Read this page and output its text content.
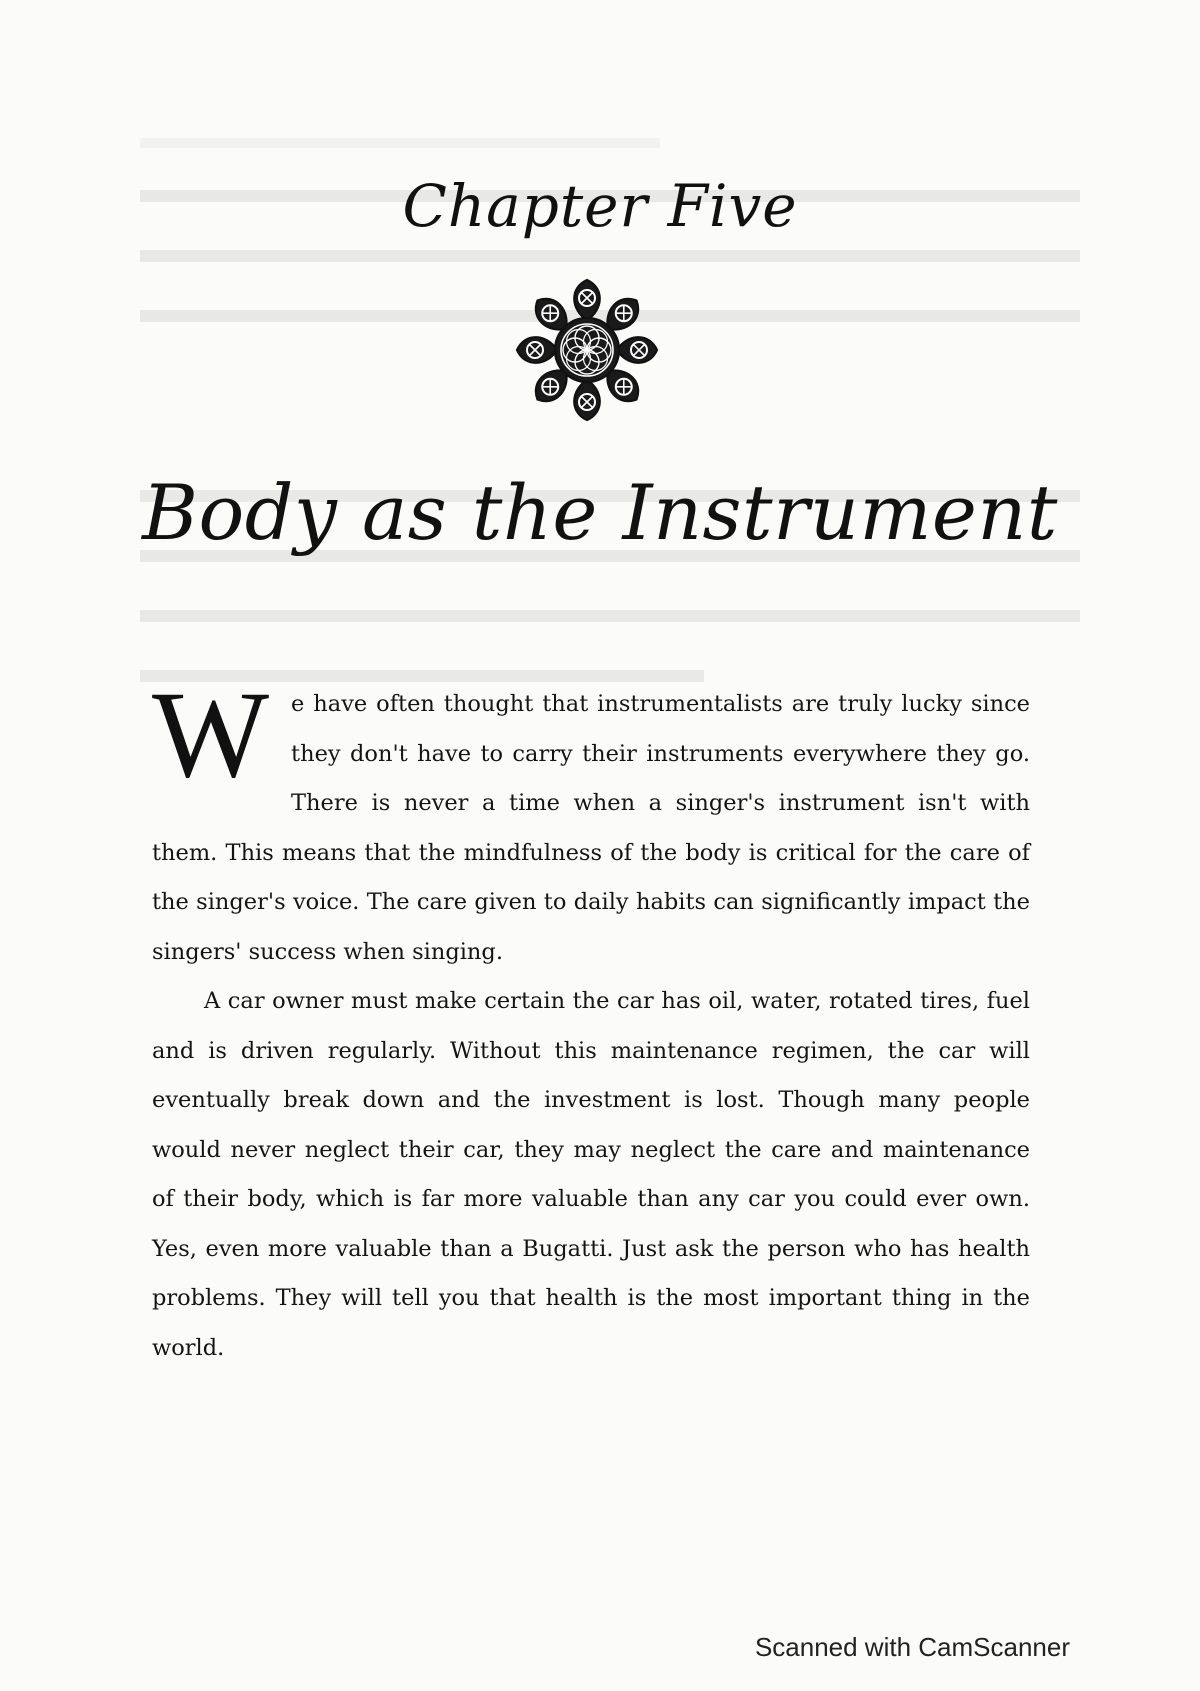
Chapter Five
Body as the Instrument

We have often thought that instrumentalists are truly lucky since they don't have to carry their instruments everywhere they go. There is never a time when a singer's instrument isn't with them. This means that the mindfulness of the body is critical for the care of the singer's voice. The care given to daily habits can significantly impact the singers' success when singing.

A car owner must make certain the car has oil, water, rotated tires, fuel and is driven regularly. Without this maintenance regimen, the car will eventually break down and the investment is lost. Though many people would never neglect their car, they may neglect the care and maintenance of their body, which is far more valuable than any car you could ever own. Yes, even more valuable than a Bugatti. Just ask the person who has health problems. They will tell you that health is the most important thing in the world.

Scanned with CamScanner
